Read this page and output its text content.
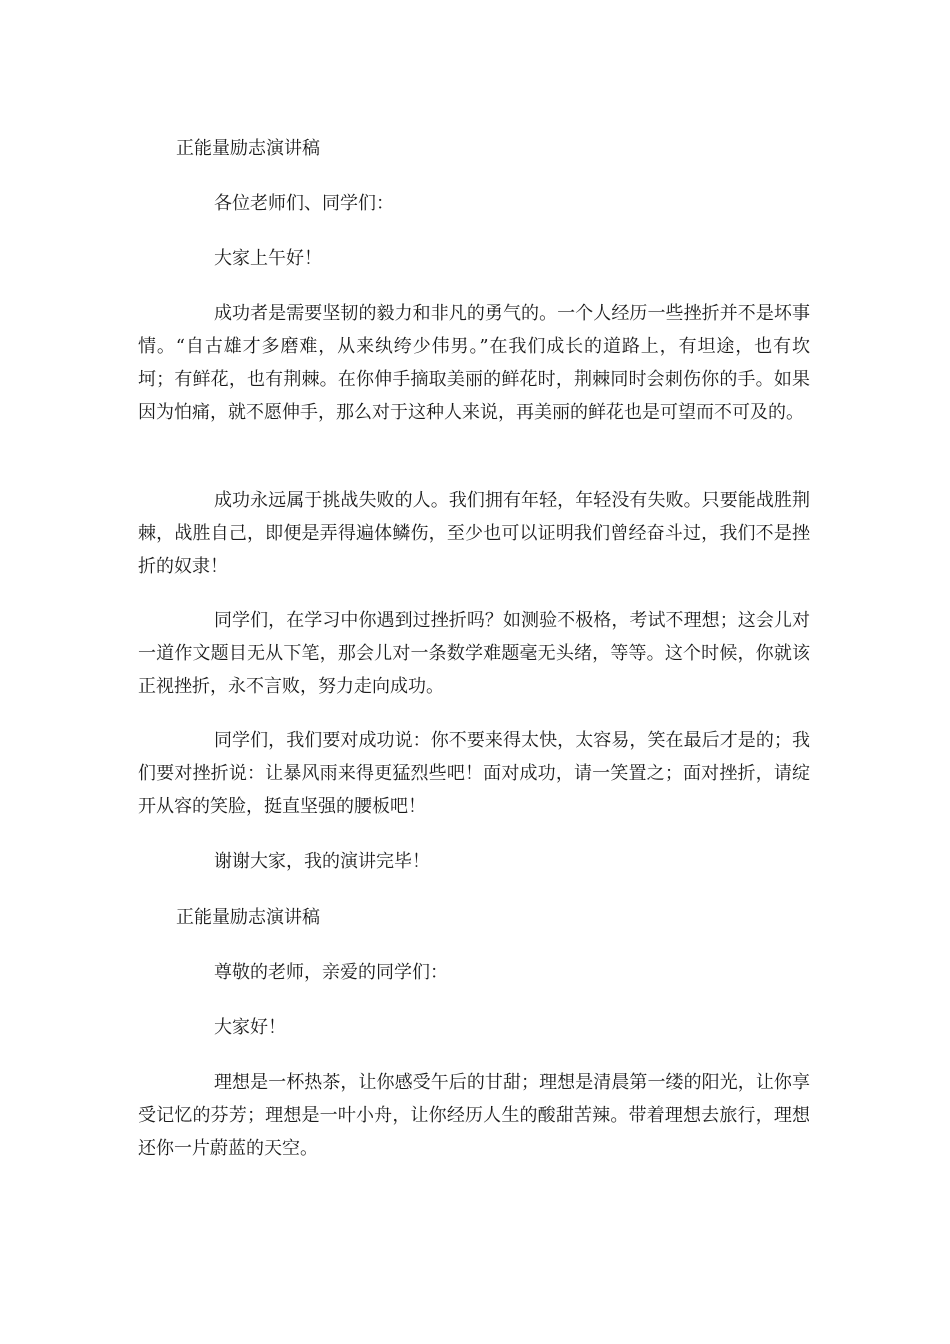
正能量励志演讲稿
各位老师们、同学们：
大家上午好！

成功者是需要坚韧的毅力和非凡的勇气的。一个人经历一些挫折并不是坏事情。“自古雄才多磨难，从来纨绔少伟男。”在我们成长的道路上，有坦途，也有坎坷；有鲜花，也有荆棘。在你伸手摘取美丽的鲜花时，荆棘同时会刺伤你的手。如果因为怕痛，就不愿伸手，那么对于这种人来说，再美丽的鲜花也是可望而不可及的。

成功永远属于挑战失败的人。我们拥有年轻，年轻没有失败。只要能战胜荆棘，战胜自己，即便是弄得遍体鳞伤，至少也可以证明我们曾经奋斗过，我们不是挫折的奴隶！

同学们，在学习中你遇到过挫折吗？如测验不极格，考试不理想；这会儿对一道作文题目无从下笔，那会儿对一条数学难题毫无头绪，等等。这个时候，你就该正视挫折，永不言败，努力走向成功。

同学们，我们要对成功说：你不要来得太快，太容易，笑在最后才是的；我们要对挫折说：让暴风雨来得更猛烈些吧！面对成功，请一笑置之；面对挫折，请绽开从容的笑脸，挺直坚强的腰板吧！

谢谢大家，我的演讲完毕！
正能量励志演讲稿
尊敬的老师，亲爱的同学们：
大家好！

理想是一杯热茶，让你感受午后的甘甜；理想是清晨第一缕的阳光，让你享受记忆的芬芳；理想是一叶小舟，让你经历人生的酸甜苦辣。带着理想去旅行，理想还你一片蔚蓝的天空。
